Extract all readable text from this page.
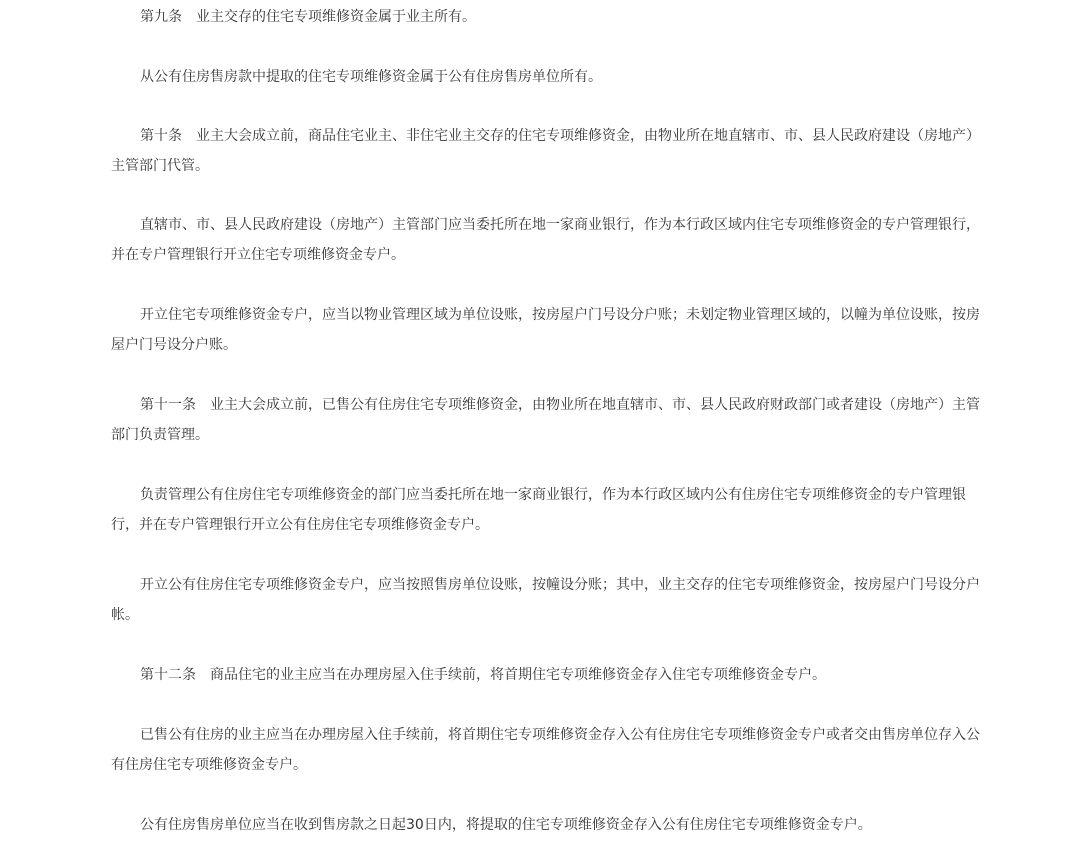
第九条　业主交存的住宅专项维修资金属于业主所有。

从公有住房售房款中提取的住宅专项维修资金属于公有住房售房单位所有。

第十条　业主大会成立前，商品住宅业主、非住宅业主交存的住宅专项维修资金，由物业所在地直辖市、市、县人民政府建设（房地产）主管部门代管。

直辖市、市、县人民政府建设（房地产）主管部门应当委托所在地一家商业银行，作为本行政区域内住宅专项维修资金的专户管理银行，并在专户管理银行开立住宅专项维修资金专户。

开立住宅专项维修资金专户，应当以物业管理区域为单位设账，按房屋户门号设分户账；未划定物业管理区域的，以幢为单位设账，按房屋户门号设分户账。

第十一条　业主大会成立前，已售公有住房住宅专项维修资金，由物业所在地直辖市、市、县人民政府财政部门或者建设（房地产）主管部门负责管理。

负责管理公有住房住宅专项维修资金的部门应当委托所在地一家商业银行，作为本行政区域内公有住房住宅专项维修资金的专户管理银行，并在专户管理银行开立公有住房住宅专项维修资金专户。

开立公有住房住宅专项维修资金专户，应当按照售房单位设账，按幢设分账；其中，业主交存的住宅专项维修资金，按房屋户门号设分户帐。

第十二条　商品住宅的业主应当在办理房屋入住手续前，将首期住宅专项维修资金存入住宅专项维修资金专户。

已售公有住房的业主应当在办理房屋入住手续前，将首期住宅专项维修资金存入公有住房住宅专项维修资金专户或者交由售房单位存入公有住房住宅专项维修资金专户。

公有住房售房单位应当在收到售房款之日起30日内，将提取的住宅专项维修资金存入公有住房住宅专项维修资金专户。
